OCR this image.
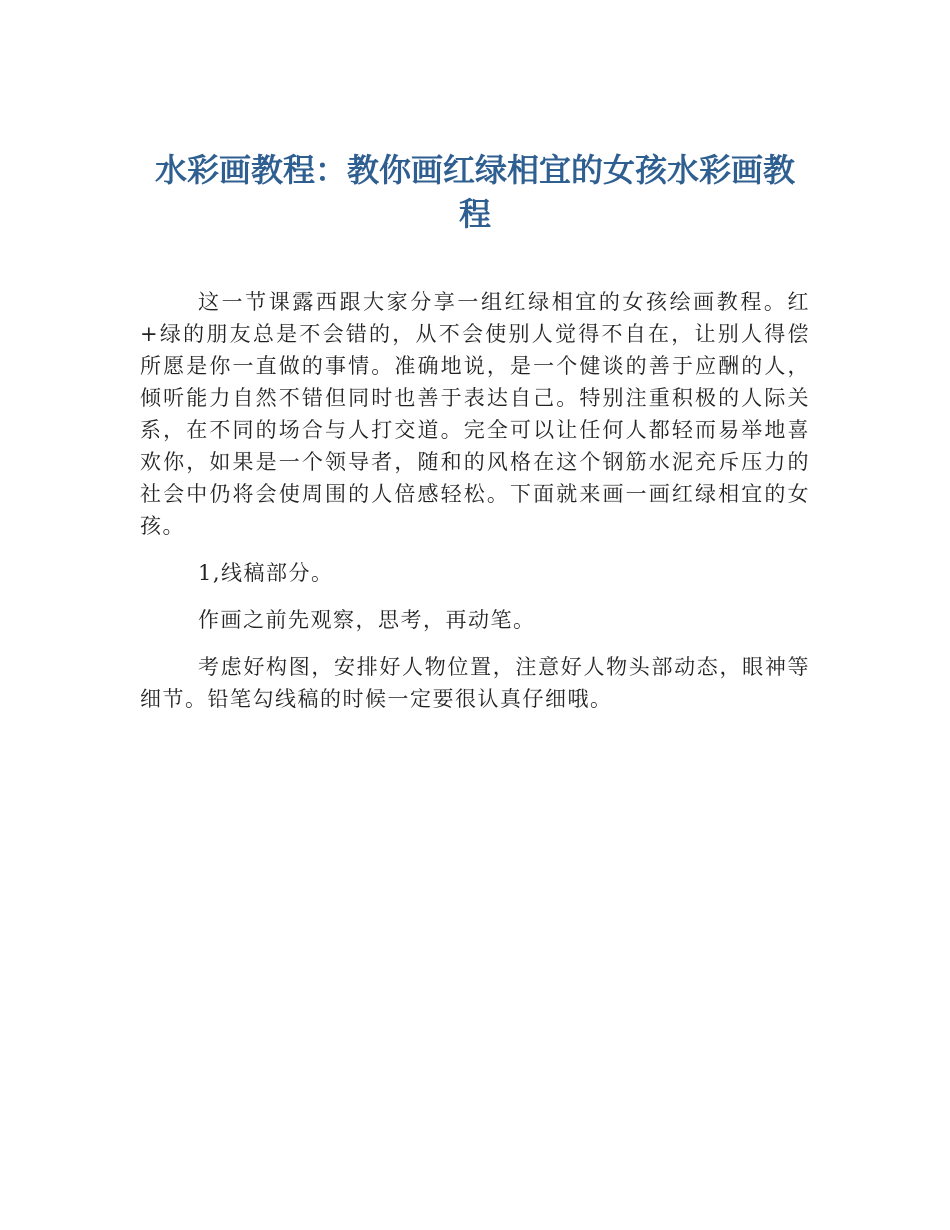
水彩画教程：教你画红绿相宜的女孩水彩画教程

这一节课露西跟大家分享一组红绿相宜的女孩绘画教程。红+绿的朋友总是不会错的，从不会使别人觉得不自在，让别人得偿所愿是你一直做的事情。准确地说，是一个健谈的善于应酬的人，倾听能力自然不错但同时也善于表达自己。特别注重积极的人际关系，在不同的场合与人打交道。完全可以让任何人都轻而易举地喜欢你，如果是一个领导者，随和的风格在这个钢筋水泥充斥压力的社会中仍将会使周围的人倍感轻松。下面就来画一画红绿相宜的女孩。

1,线稿部分。

作画之前先观察，思考，再动笔。

考虑好构图，安排好人物位置，注意好人物头部动态，眼神等细节。铅笔勾线稿的时候一定要很认真仔细哦。
